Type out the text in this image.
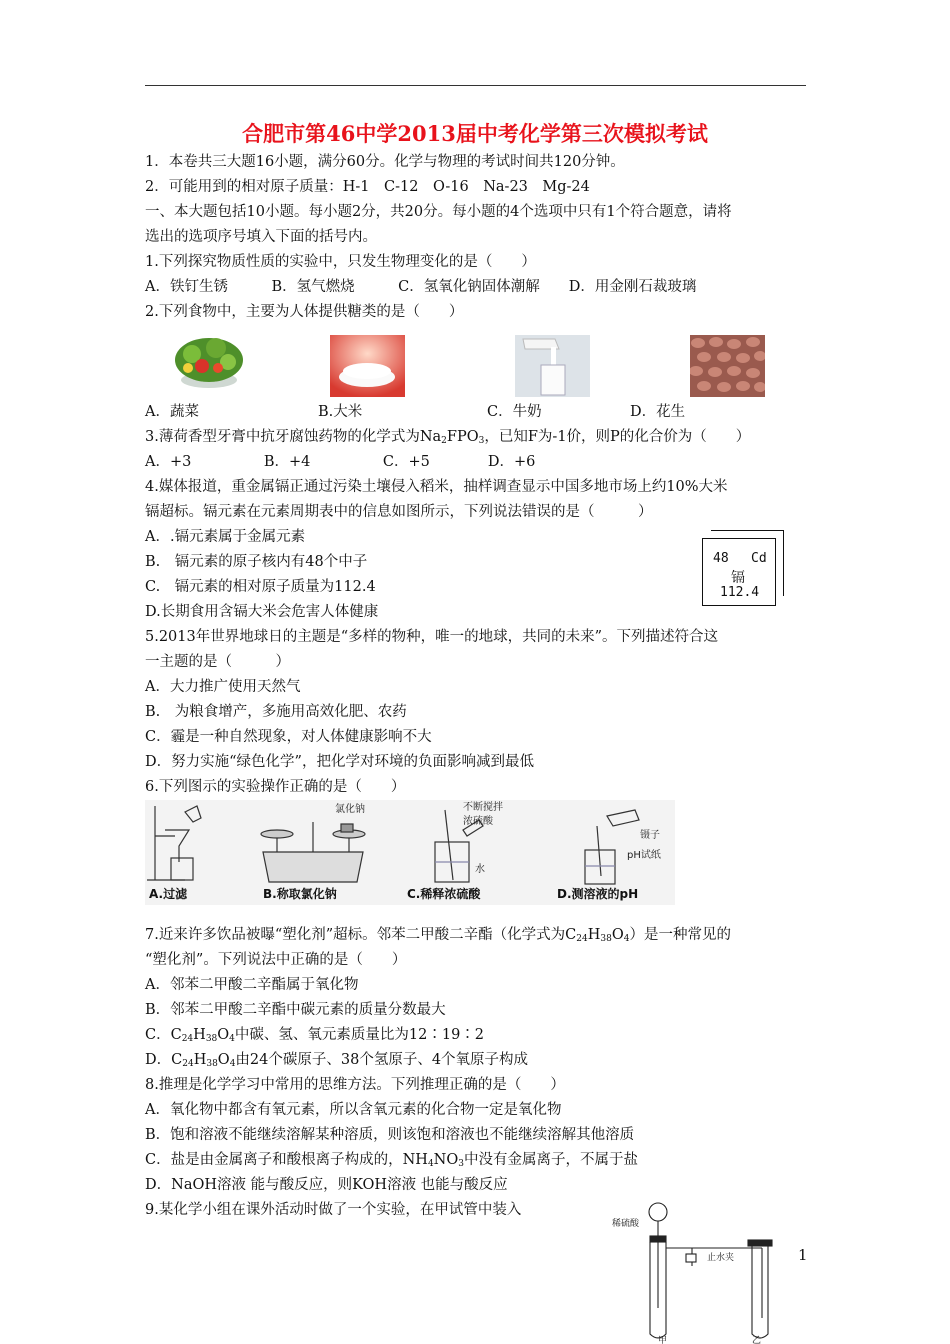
合肥市第46中学2013届中考化学第三次模拟考试
1．本卷共三大题16小题，满分60分。化学与物理的考试时间共120分钟。
2．可能用到的相对原子质量：H-1　C-12　O-16　Na-23　Mg-24
一、本大题包括10小题。每小题2分，共20分。每小题的4个选项中只有1个符合题意，请将
选出的选项序号填入下面的括号内。
1.下列探究物质性质的实验中，只发生物理变化的是（　　）
A．铁钉生锈　　　B．氢气燃烧　　　C．氢氧化钠固体潮解　　D．用金刚石裁玻璃
2.下列食物中，主要为人体提供糖类的是（　　）
A．蔬菜	B.大米	C．牛奶	D．花生
3.薄荷香型牙膏中抗牙腐蚀药物的化学式为$Na_2FPO_3$，已知F为-1价，则P的化合价为（　　）
A．+3　　　　　B．+4　　　　　C．+5　　　　D．+6
4.媒体报道，重金属镉正通过污染土壤侵入稻米，抽样调查显示中国多地市场上约10%大米
镉超标。镉元素在元素周期表中的信息如图所示，下列说法错误的是（　　　）
A．.镉元素属于金属元素
B.　镉元素的原子核内有48个中子
C.　镉元素的相对原子质量为112.4
D.长期食用含镉大米会危害人体健康
48 Cd
镉
112.4
5.2013年世界地球日的主题是“多样的物种，唯一的地球，共同的未来”。下列描述符合这
一主题的是（　　　）
A．大力推广使用天然气
B.　为粮食增产，多施用高效化肥、农药
C．霾是一种自然现象，对人体健康影响不大
D．努力实施“绿色化学”，把化学对环境的负面影响减到最低
6.下列图示的实验操作正确的是（　　）
氯化钠	不断搅拌
浓硫酸
水
镊子
pH试纸
A.过滤	B.称取氯化钠	C.稀释浓硫酸	D.测溶液的pH
7.近来许多饮品被曝“塑化剂”超标。邻苯二甲酸二辛酯（化学式为$C_{24}H_{38}O_4$）是一种常见的
“塑化剂”。下列说法中正确的是（　　）
A．邻苯二甲酸二辛酯属于氧化物
B．邻苯二甲酸二辛酯中碳元素的质量分数最大
C．$C_{24}H_{38}O_4$中碳、氢、氧元素质量比为12∶19∶2
D．$C_{24}H_{38}O_4$由24个碳原子、38个氢原子、4个氧原子构成
8.推理是化学学习中常用的思维方法。下列推理正确的是（　　）
A．氧化物中都含有氧元素，所以含氧元素的化合物一定是氧化物
B．饱和溶液不能继续溶解某种溶质，则该饱和溶液也不能继续溶解其他溶质
C．盐是由金属离子和酸根离子构成的，$NH_4NO_3$中没有金属离子，不属于盐
D．NaOH溶液 能与酸反应，则KOH溶液 也能与酸反应
9.某化学小组在课外活动时做了一个实验，在甲试管中装入
稀硫酸
止水夹
甲	乙
1
